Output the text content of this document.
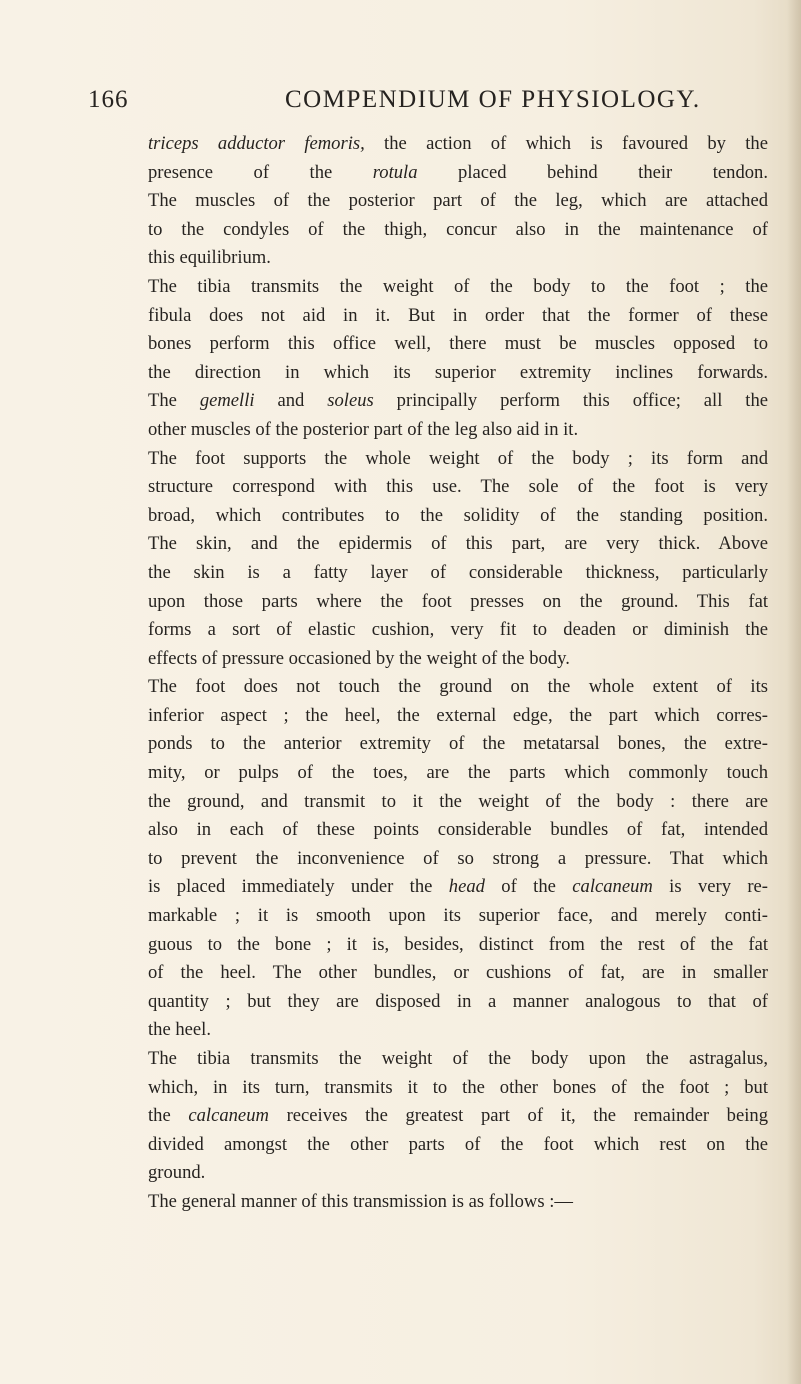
166	COMPENDIUM OF PHYSIOLOGY.
triceps adductor femoris, the action of which is favoured by the
presence of the rotula placed behind their tendon.
The muscles of the posterior part of the leg, which are attached
to the condyles of the thigh, concur also in the maintenance of
this equilibrium.
The tibia transmits the weight of the body to the foot ; the
fibula does not aid in it. But in order that the former of these
bones perform this office well, there must be muscles opposed to
the direction in which its superior extremity inclines forwards.
The gemelli and soleus principally perform this office; all the
other muscles of the posterior part of the leg also aid in it.
The foot supports the whole weight of the body ; its form and
structure correspond with this use. The sole of the foot is very
broad, which contributes to the solidity of the standing position.
The skin, and the epidermis of this part, are very thick. Above
the skin is a fatty layer of considerable thickness, particularly
upon those parts where the foot presses on the ground. This fat
forms a sort of elastic cushion, very fit to deaden or diminish the
effects of pressure occasioned by the weight of the body.
The foot does not touch the ground on the whole extent of its
inferior aspect ; the heel, the external edge, the part which corres-
ponds to the anterior extremity of the metatarsal bones, the extre-
mity, or pulps of the toes, are the parts which commonly touch
the ground, and transmit to it the weight of the body : there are
also in each of these points considerable bundles of fat, intended
to prevent the inconvenience of so strong a pressure. That which
is placed immediately under the head of the calcaneum is very re-
markable ; it is smooth upon its superior face, and merely conti-
guous to the bone ; it is, besides, distinct from the rest of the fat
of the heel. The other bundles, or cushions of fat, are in smaller
quantity ; but they are disposed in a manner analogous to that of
the heel.
The tibia transmits the weight of the body upon the astragalus,
which, in its turn, transmits it to the other bones of the foot ; but
the calcaneum receives the greatest part of it, the remainder being
divided amongst the other parts of the foot which rest on the
ground.
The general manner of this transmission is as follows :—
